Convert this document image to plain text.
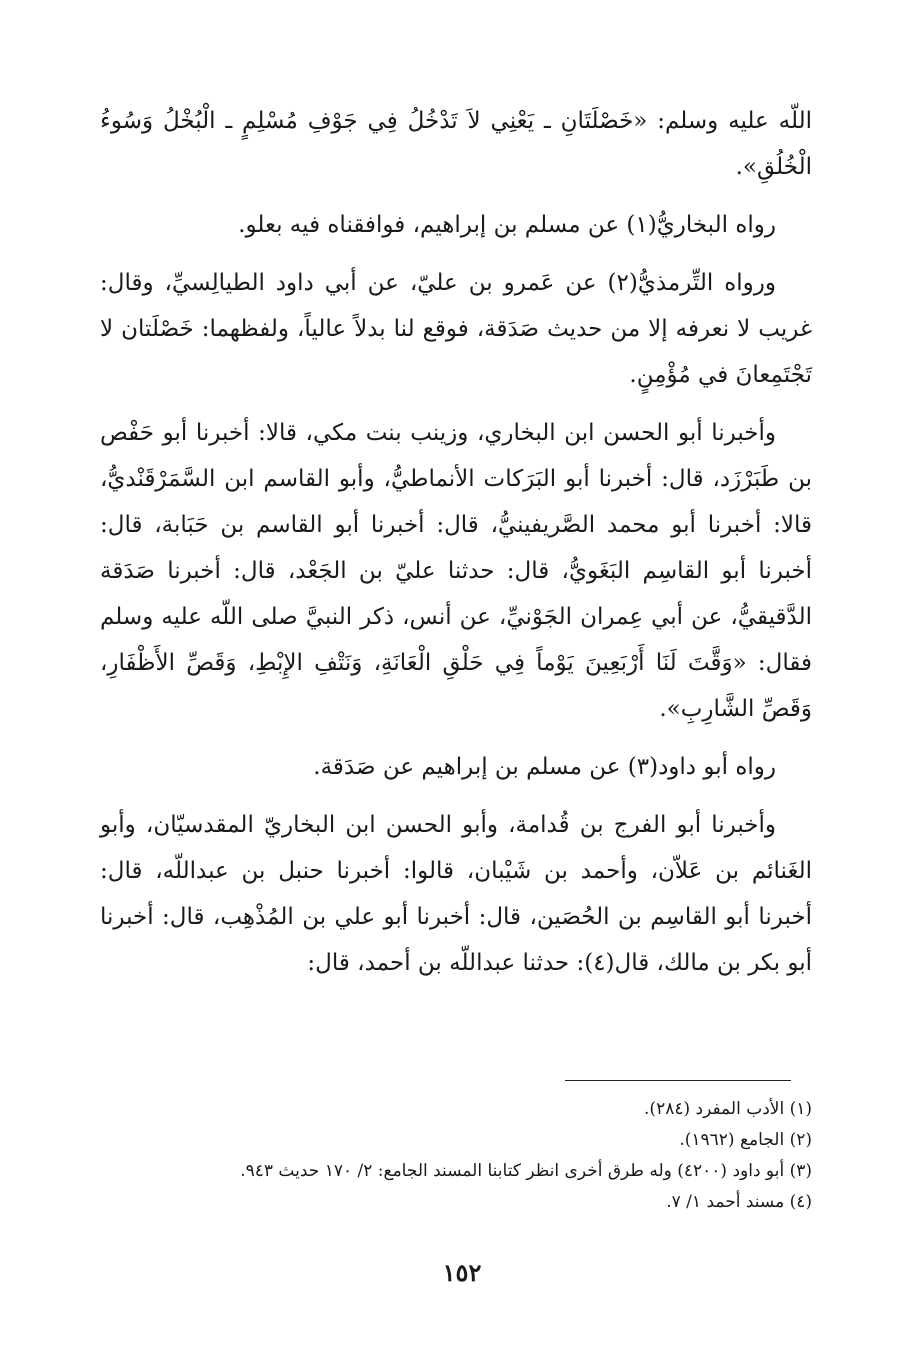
اللّه عليه وسلم: «خَصْلَتَانِ ـ يَعْنِي لاَ تَدْخُلُ فِي جَوْفِ مُسْلِمٍ ـ الْبُخْلُ وَسُوءُ الْخُلُقِ».

رواه البخاريُّ(١) عن مسلم بن إبراهيم، فوافقناه فيه بعلو.

ورواه التِّرمذيُّ(٢) عن عَمرو بن عليّ، عن أبي داود الطيالِسيِّ، وقال: غريب لا نعرفه إلا من حديث صَدَقة، فوقع لنا بدلاً عالياً، ولفظهما: خَصْلَتان لا تَجْتَمِعانَ في مُؤْمِنٍ.

وأخبرنا أبو الحسن ابن البخاري، وزينب بنت مكي، قالا: أخبرنا أبو حَفْص بن طَبَرْزَد، قال: أخبرنا أبو البَرَكات الأنماطيُّ، وأبو القاسم ابن السَّمَرْقَنْديُّ، قالا: أخبرنا أبو محمد الصَّريفينيُّ، قال: أخبرنا أبو القاسم بن حَبَابة، قال: أخبرنا أبو القاسِم البَغَويُّ، قال: حدثنا عليّ بن الجَعْد، قال: أخبرنا صَدَقة الدَّقيقيُّ، عن أبي عِمران الجَوْنيِّ، عن أنس، ذكر النبيَّ صلى اللّه عليه وسلم فقال: «وَقَّتَ لَنَا أَرْبَعِينَ يَوْماً فِي حَلْقِ الْعَانَةِ، وَنَتْفِ الإِبْطِ، وَقَصِّ الأَظْفَارِ، وَقَصِّ الشَّارِبِ».

رواه أبو داود(٣) عن مسلم بن إبراهيم عن صَدَقة.

وأخبرنا أبو الفرج بن قُدامة، وأبو الحسن ابن البخاريّ المقدسيّان، وأبو الغَنائم بن عَلاّن، وأحمد بن شَيْبان، قالوا: أخبرنا حنبل بن عبداللّه، قال: أخبرنا أبو القاسِم بن الحُصَين، قال: أخبرنا أبو علي بن المُذْهِب، قال: أخبرنا أبو بكر بن مالك، قال(٤): حدثنا عبداللّه بن أحمد، قال:

(١) الأدب المفرد (٢٨٤).

(٢) الجامع (١٩٦٢).

(٣) أبو داود (٤٢٠٠) وله طرق أخرى انظر كتابنا المسند الجامع: ٢/ ١٧٠ حديث ٩٤٣.

(٤) مسند أحمد ١/ ٧.

١٥٢
